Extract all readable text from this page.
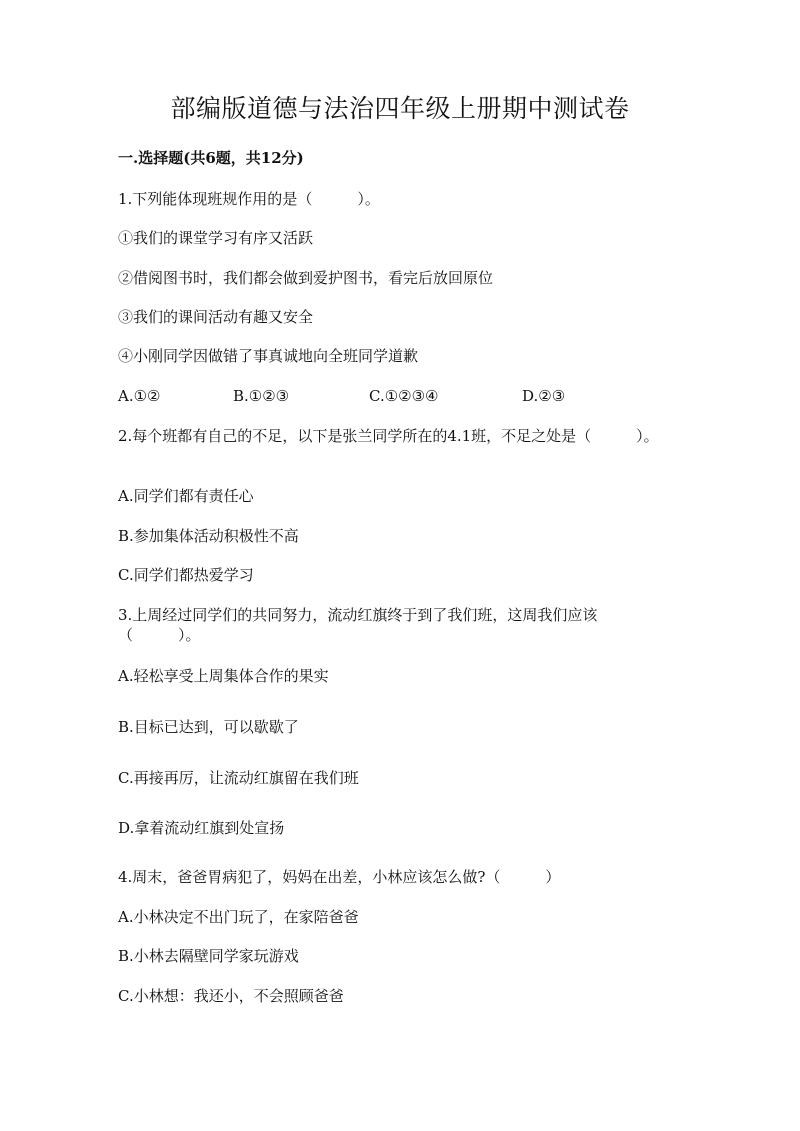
部编版道德与法治四年级上册期中测试卷
一.选择题(共6题，共12分)
1.下列能体现班规作用的是（　　　）。
①我们的课堂学习有序又活跃
②借阅图书时，我们都会做到爱护图书，看完后放回原位
③我们的课间活动有趣又安全
④小刚同学因做错了事真诚地向全班同学道歉
A.①②	B.①②③	C.①②③④	D.②③
2.每个班都有自己的不足，以下是张兰同学所在的4.1班，不足之处是（　　　）。
A.同学们都有责任心
B.参加集体活动积极性不高
C.同学们都热爱学习
3.上周经过同学们的共同努力，流动红旗终于到了我们班，这周我们应该（　　　）。
A.轻松享受上周集体合作的果实
B.目标已达到，可以歇歇了
C.再接再厉，让流动红旗留在我们班
D.拿着流动红旗到处宣扬
4.周末，爸爸胃病犯了，妈妈在出差，小林应该怎么做?（　　　）
A.小林决定不出门玩了，在家陪爸爸
B.小林去隔壁同学家玩游戏
C.小林想：我还小，不会照顾爸爸
